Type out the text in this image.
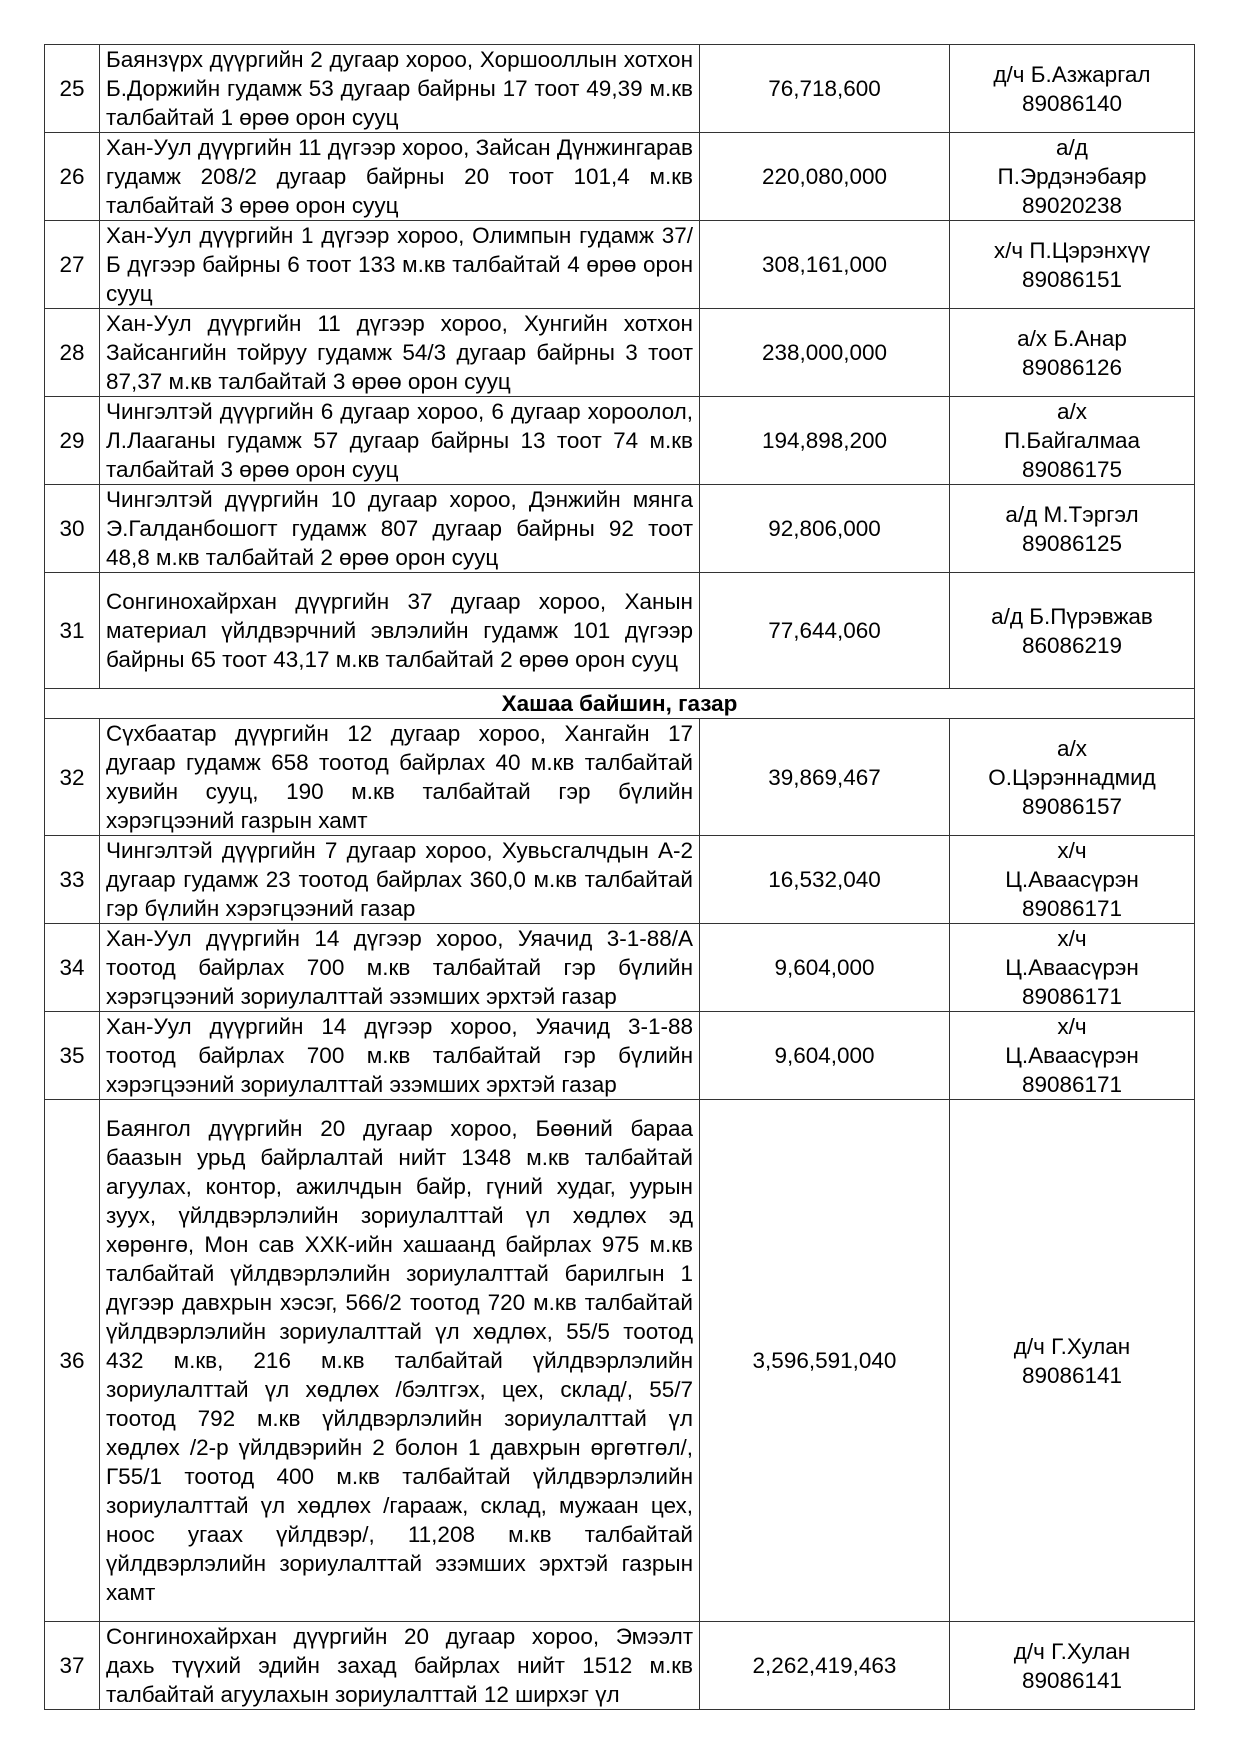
25	Баянзүрх дүүргийн 2 дугаар хороо, Хоршооллын хотхон Б.Доржийн гудамж 53 дугаар байрны 17 тоот 49,39 м.кв талбайтай 1 өрөө орон сууц	76,718,600	д/ч Б.Азжаргал
89086140

26	Хан-Уул дүүргийн 11 дүгээр хороо, Зайсан Дүнжингарав гудамж 208/2 дугаар байрны 20 тоот 101,4 м.кв талбайтай 3 өрөө орон сууц	220,080,000	а/д
П.Эрдэнэбаяр
89020238

27	Хан-Уул дүүргийн 1 дүгээр хороо, Олимпын гудамж 37/Б дүгээр байрны 6 тоот 133 м.кв талбайтай 4 өрөө орон сууц	308,161,000	х/ч П.Цэрэнхүү
89086151

28	Хан-Уул дүүргийн 11 дүгээр хороо, Хунгийн хотхон Зайсангийн тойруу гудамж 54/3 дугаар байрны 3 тоот 87,37 м.кв талбайтай 3 өрөө орон сууц	238,000,000	а/х Б.Анар
89086126

29	Чингэлтэй дүүргийн 6 дугаар хороо, 6 дугаар хороолол, Л.Лааганы гудамж 57 дугаар байрны 13 тоот 74 м.кв талбайтай 3 өрөө орон сууц	194,898,200	а/х
П.Байгалмаа
89086175

30	Чингэлтэй дүүргийн 10 дугаар хороо, Дэнжийн мянга Э.Галданбошогт гудамж 807 дугаар байрны 92 тоот 48,8 м.кв талбайтай 2 өрөө орон сууц	92,806,000	а/д М.Тэргэл
89086125

31	Сонгинохайрхан дүүргийн 37 дугаар хороо, Ханын материал үйлдвэрчний эвлэлийн гудамж 101 дүгээр байрны 65 тоот 43,17 м.кв талбайтай 2 өрөө орон сууц	77,644,060	а/д Б.Пүрэвжав
86086219

Хашаа байшин, газар			
32	Сүхбаатар дүүргийн 12 дугаар хороо, Хангайн 17 дугаар гудамж 658 тоотод байрлах 40 м.кв талбайтай хувийн сууц, 190 м.кв талбайтай гэр бүлийн хэрэгцээний газрын хамт	39,869,467	а/х
О.Цэрэннадмид
89086157

33	Чингэлтэй дүүргийн 7 дугаар хороо, Хувьсгалчдын А-2 дугаар гудамж 23 тоотод байрлах 360,0 м.кв талбайтай гэр бүлийн хэрэгцээний газар	16,532,040	х/ч
Ц.Аваасүрэн
89086171

34	Хан-Уул дүүргийн 14 дүгээр хороо, Уяачид 3-1-88/А тоотод байрлах 700 м.кв талбайтай гэр бүлийн хэрэгцээний зориулалттай эзэмших эрхтэй газар	9,604,000	х/ч
Ц.Аваасүрэн
89086171

35	Хан-Уул дүүргийн 14 дүгээр хороо, Уяачид 3-1-88 тоотод байрлах 700 м.кв талбайтай гэр бүлийн хэрэгцээний зориулалттай эзэмших эрхтэй газар	9,604,000	х/ч
Ц.Аваасүрэн
89086171

36	Баянгол дүүргийн 20 дугаар хороо, Бөөний бараа баазын урьд байрлалтай нийт 1348 м.кв талбайтай агуулах, контор, ажилчдын байр, гүний худаг, уурын зуух, үйлдвэрлэлийн зориулалттай үл хөдлөх эд хөрөнгө, Мон сав ХХК-ийн хашаанд байрлах 975 м.кв талбайтай үйлдвэрлэлийн зориулалттай барилгын 1 дүгээр давхрын хэсэг, 566/2 тоотод 720 м.кв талбайтай үйлдвэрлэлийн зориулалттай үл хөдлөх, 55/5 тоотод 432 м.кв, 216 м.кв талбайтай үйлдвэрлэлийн зориулалттай үл хөдлөх /бэлтгэх, цех, склад/, 55/7 тоотод 792 м.кв үйлдвэрлэлийн зориулалттай үл хөдлөх /2-р үйлдвэрийн 2 болон 1 давхрын өргөтгөл/, Г55/1 тоотод 400 м.кв талбайтай үйлдвэрлэлийн зориулалттай үл хөдлөх /гарааж, склад, мужаан цех, ноос угаах үйлдвэр/, 11,208 м.кв талбайтай үйлдвэрлэлийн зориулалттай эзэмших эрхтэй газрын хамт	3,596,591,040	д/ч Г.Хулан
89086141

37	Сонгинохайрхан дүүргийн 20 дугаар хороо, Эмээлт дахь түүхий эдийн захад байрлах нийт 1512 м.кв талбайтай агуулахын зориулалттай 12 ширхэг үл	2,262,419,463	д/ч Г.Хулан
89086141
